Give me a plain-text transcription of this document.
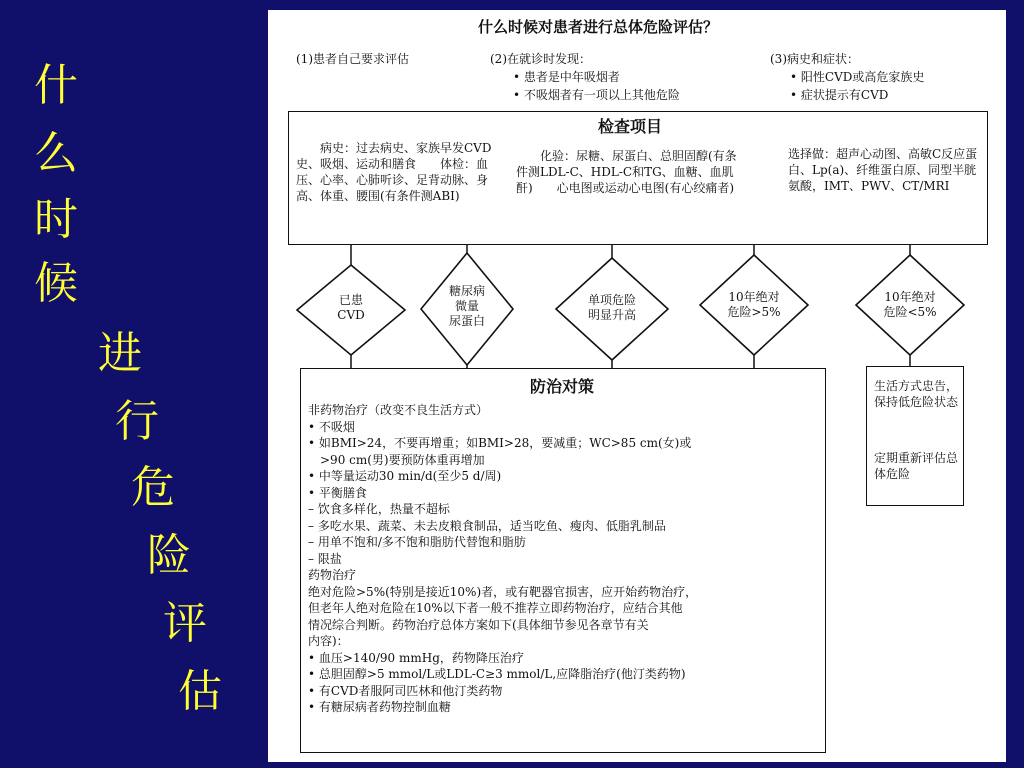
什
么
时
候
进
行
危
险
评
估
什么时候对患者进行总体危险评估？
(1)患者自己要求评估	(2)在就诊时发现：
• 患者是中年吸烟者
• 不吸烟者有一项以上其他危险
(3)病史和症状：
• 阳性CVD或高危家族史
• 症状提示有CVD
检查项目
　　病史：过去病史、家族早发CVD史、吸烟、运动和膳食　　体检：血压、心率、心肺听诊、足背动脉、身高、体重、腰围(有条件测ABI)
　　化验：尿糖、尿蛋白、总胆固醇(有条件测LDL-C、HDL-C和TG、血糖、血肌酐)　　心电图或运动心电图(有心绞痛者)
选择做：超声心动图、高敏C反应蛋白、Lp(a)、纤维蛋白原、同型半胱氨酸，IMT、PWV、CT/MRI
已患
CVD
糖尿病
微量
尿蛋白
单项危险
明显升高
10年绝对
危险>5%
10年绝对
危险<5%
防治对策
非药物治疗（改变不良生活方式）
• 不吸烟
• 如BMI>24，不要再增重；如BMI>28，要减重；WC>85 cm(女)或
　>90 cm(男)要预防体重再增加
• 中等量运动30 min/d(至少5 d/周)
• 平衡膳食
– 饮食多样化，热量不超标
– 多吃水果、蔬菜、未去皮粮食制品，适当吃鱼、瘦肉、低脂乳制品
– 用单不饱和/多不饱和脂肪代替饱和脂肪
– 限盐
药物治疗
绝对危险>5%(特别是接近10%)者，或有靶器官损害，应开始药物治疗，
但老年人绝对危险在10%以下者一般不推荐立即药物治疗，应结合其他
情况综合判断。药物治疗总体方案如下(具体细节参见各章节有关
内容)：
• 血压>140/90 mmHg，药物降压治疗
• 总胆固醇>5 mmol/L或LDL-C≥3 mmol/L,应降脂治疗(他汀类药物)
• 有CVD者服阿司匹林和他汀类药物
• 有糖尿病者药物控制血糖
生活方式忠告，保持低危险状态
定期重新评估总体危险
